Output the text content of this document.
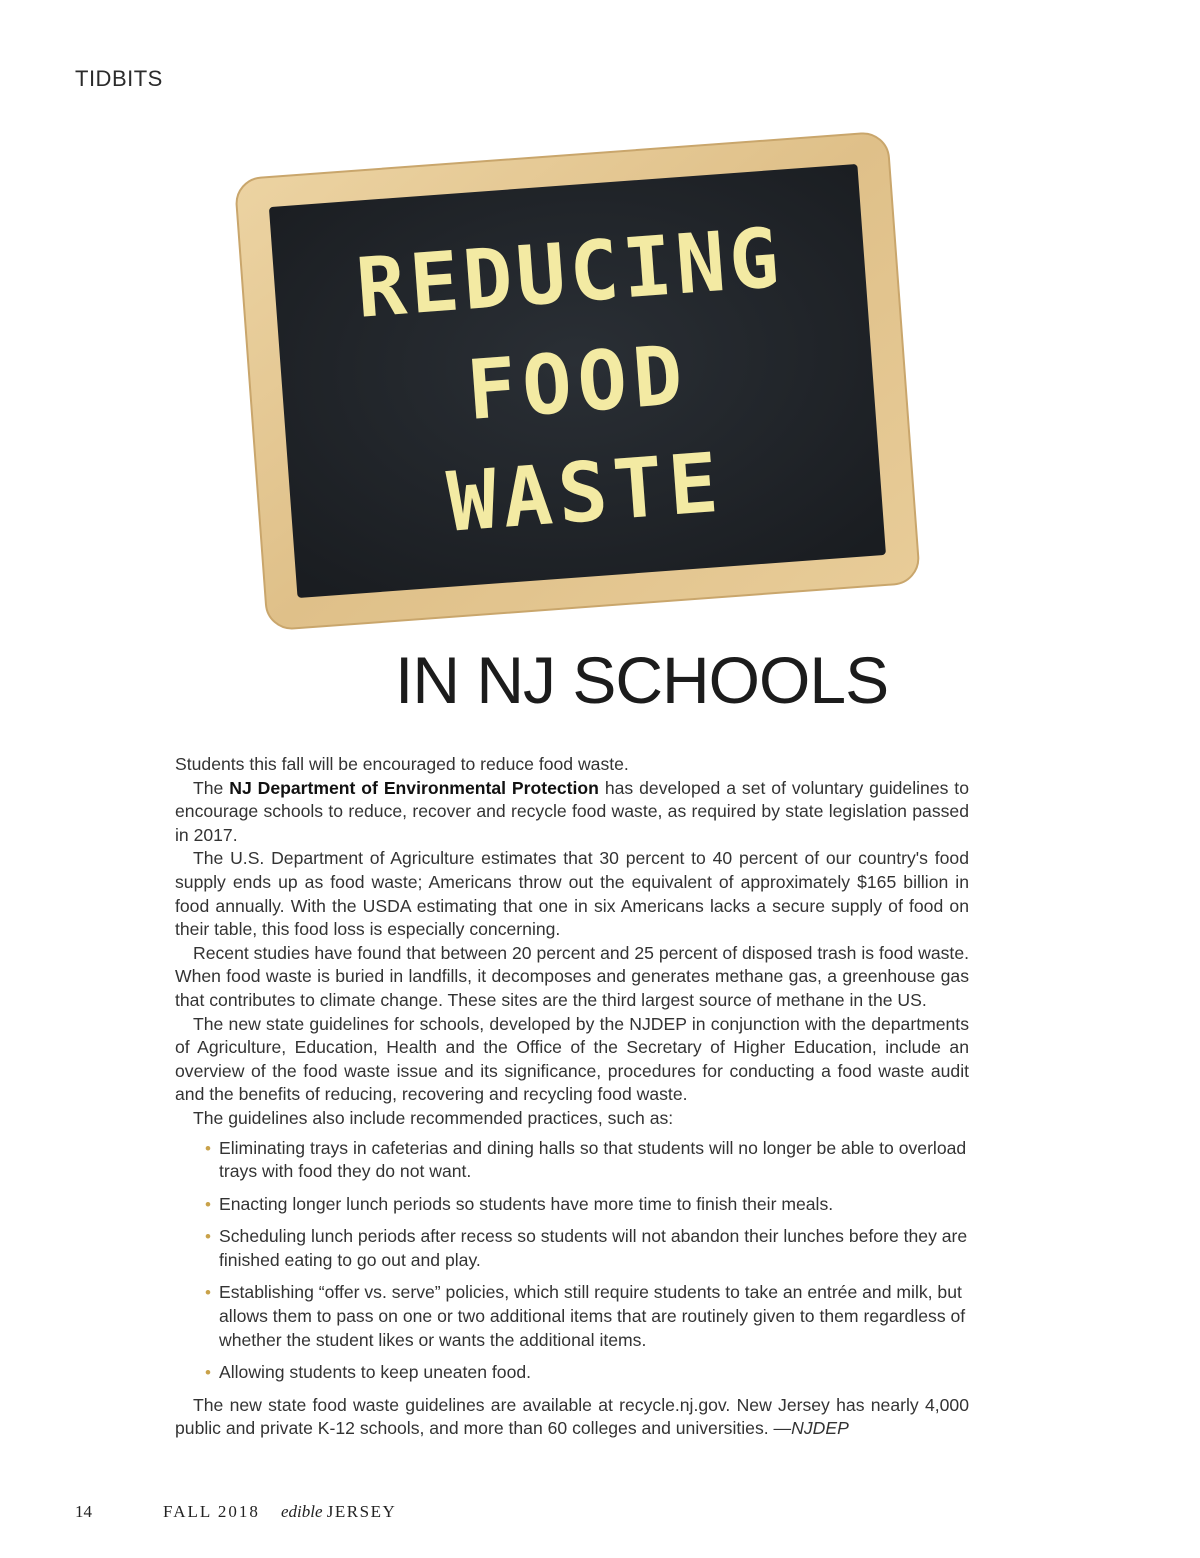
TIDBITS
REDUCING
FOOD
WASTE
IN NJ SCHOOLS

Students this fall will be encouraged to reduce food waste.

The NJ Department of Environmental Protection has developed a set of voluntary guidelines to encourage schools to reduce, recover and recycle food waste, as required by state legislation passed in 2017.

The U.S. Department of Agriculture estimates that 30 percent to 40 percent of our country's food supply ends up as food waste; Americans throw out the equivalent of approximately $165 billion in food annually. With the USDA estimating that one in six Americans lacks a secure supply of food on their table, this food loss is especially concerning.

Recent studies have found that between 20 percent and 25 percent of disposed trash is food waste. When food waste is buried in landfills, it decomposes and generates methane gas, a greenhouse gas that contributes to climate change. These sites are the third largest source of methane in the US.

The new state guidelines for schools, developed by the NJDEP in conjunction with the departments of Agriculture, Education, Health and the Office of the Secretary of Higher Education, include an overview of the food waste issue and its significance, procedures for conducting a food waste audit and the benefits of reducing, recovering and recycling food waste.

The guidelines also include recommended practices, such as:

• Eliminating trays in cafeterias and dining halls so that students will no longer be able to overload trays with food they do not want.
• Enacting longer lunch periods so students have more time to finish their meals.
• Scheduling lunch periods after recess so students will not abandon their lunches before they are finished eating to go out and play.
• Establishing “offer vs. serve” policies, which still require students to take an entrée and milk, but allows them to pass on one or two additional items that are routinely given to them regardless of whether the student likes or wants the additional items.
• Allowing students to keep uneaten food.

The new state food waste guidelines are available at recycle.nj.gov. New Jersey has nearly 4,000 public and private K-12 schools, and more than 60 colleges and universities. —NJDEP

14	FALL 2018 edible JERSEY
